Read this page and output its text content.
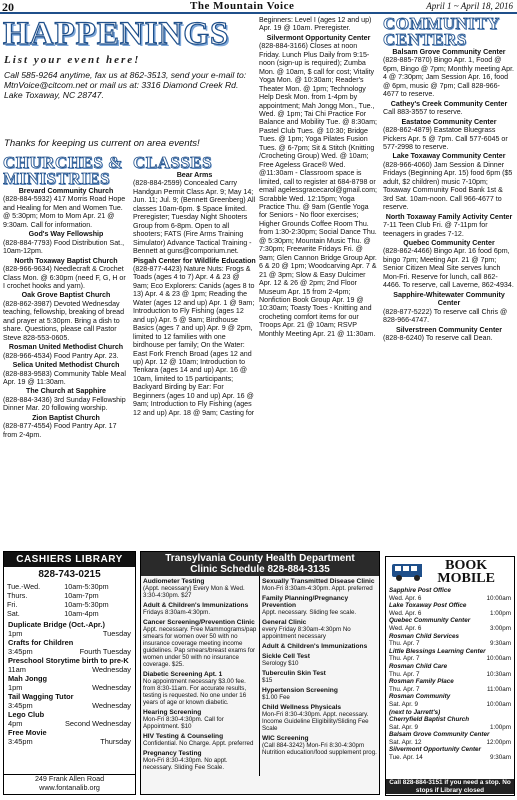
20	The Mountain Voice	April 1 ~ April 18, 2016
HAPPENINGS
List your event here!
Call 585-9264 anytime, fax us at 862-3513, send your e-mail to: MtnVoice@citcom.net or mail us at: 3316 Diamond Creek Rd. Lake Toxaway, NC 28747.
Thanks for keeping us current on area events!
CHURCHES & MINISTRIES

Brevard Community Church
(828-884-5932) 417 Morris Road Hope and Healing for Men and Women Tue. @ 5:30pm; Mom to Mom Apr. 21 @ 9:30am. Call for information.

God's Way Fellowship
(828-884-7793) Food Distribution Sat., 10am-12pm.

North Toxaway Baptist Church
(828-966-9634) Needlecraft & Crochet Class Mon. @ 6:30pm (need F, G, H or I crochet hooks and yarn).

Oak Grove Baptist Church
(828-862-3987) Devoted Wednesday teaching, fellowship, breaking of bread and prayer at 5:30pm. Bring a dish to share. Questions, please call Pastor Steve 828-553-0605.

Rosman United Methodist Church
(828-966-4534) Food Pantry Apr. 23.

Selica United Methodist Church
(828-883-9583) Community Table Meal Apr. 19 @ 11:30am.

The Church at Sapphire
(828-884-3436) 3rd Sunday Fellowship Dinner Mar. 20 following worship.

Zion Baptist Church
(828-877-4554) Food Pantry Apr. 17 from 2-4pm.

CLASSES

Bear Arms
(828-884-2599) Concealed Carry Handgun Permit Class Apr. 9; May 14; Jun. 11; Jul. 9; (Bennett Greenberg) All classes 10am-6pm. $ Space limited. Preregister; Tuesday Night Shooters Group from 6-8pm. Open to all shooters; FATS (Fire Arms Training Simulator) Advance Tactical Training - Bennett at guns@comporium.net.

Pisgah Center for Wildlife Education
(828-877-4423) Nature Nuts: Frogs & Toads (ages 4 to 7) Apr. 4 & 23 @ 9am; Eco Explorers: Canids (ages 8 to 13) Apr. 4 & 23 @ 1pm; Reading the Water (ages 12 and up) Apr. 1 @ 9am; Introduction to Fly Fishing (ages 12 and up) Apr. 5 @ 9am; Birdhouse Basics (ages 7 and up) Apr. 9 @ 2pm, limited to 12 families with one birdhouse per family; On the Water: East Fork French Broad (ages 12 and up) Apr. 12 @ 10am; Introduction to Tenkara (ages 14 and up) Apr. 16 @ 10am, limited to 15 participants; Backyard Birding by Ear: For Beginners (ages 10 and up) Apr. 16 @ 9am; Introduction to Fly Fishing (ages 12 and up) Apr. 18 @ 9am; Casting for

Beginners: Level I (ages 12 and up) Apr. 19 @ 10am. Preregister.

Silvermont Opportunity Center
(828-884-3166) Closes at noon Friday. Lunch Plus Daily from 9:15-noon (sign-up is required); Zumba Mon. @ 10am, $ call for cost; Vitality Yoga Mon. @ 10:30am; Reader's Theater Mon. @ 1pm; Technology Help Desk Mon. from 1-4pm by appointment; Mah Jongg Mon., Tue., Wed. @ 1pm; Tai Chi Practice For Balance and Mobility Tue. @ 8:30am; Pastel Club Tues. @ 10:30; Bridge Tues. @ 1pm; Yoga Pilates Fusion Tues. @ 6-7pm; Sit & Stitch (Knitting /Crocheting Group) Wed. @ 10am; Free Ageless Grace® Wed. @11:30am - Classroom space is limited, call to register at 684-8798 or email agelessgracecarol@gmail.com; Scrabble Wed. 12:15pm; Yoga Practice Thu. @ 9am (Gentle Yoga for Seniors - No floor exercises; Higher Grounds Coffee Room Thu. from 1:30-2:30pm; Social Dance Thu. @ 5:30pm; Mountain Music Thu. @ 7:30pm; Freewrite Fridays Fri. @ 9am; Glen Cannon Bridge Group Apr. 6 & 20 @ 1pm; Woodcarving Apr. 7 & 21 @ 3pm; Slow & Easy Dulcimer Apr. 12 & 26 @ 2pm; 2nd Floor Museum Apr. 15 from 2-4pm; Nonfiction Book Group Apr. 19 @ 10:30am; Toasty Toes - Knitting and crocheting comfort items for our Troops Apr. 21 @ 10am; RSVP Monthly Meeting Apr. 21 @ 11:30am.

COMMUNITY CENTERS

Balsam Grove Community Center
(828-885-7870) Bingo Apr. 1, Food @ 6pm, Bingo @ 7pm; Monthly meeting Apr. 4 @ 7:30pm; Jam Session Apr. 16, food @ 6pm, music @ 7pm; Call 828-966-4677 to reserve.

Cathey's Creek Community Center
Call 883-3557 to reserve.

Eastatoe Community Center
(828-862-4879) Eastatoe Bluegrass Pickers Apr. 5 @ 7pm. Call 577-6045 or 577-2998 to reserve.

Lake Toxaway Community Center
(828-966-4060) Jam Session & Dinner Fridays (Beginning Apr. 15) food 6pm ($5 adult, $2 children) music 7-10pm; Toxaway Community Food Bank 1st & 3rd Sat. 10am-noon. Call 966-4677 to reserve.

North Toxaway Family Activity Center
7-11 Teen Club Fri. @ 7-11pm for teenagers in grades 7-12.

Quebec Community Center
(828-862-4466) Bingo Apr. 16 food 6pm, bingo 7pm; Meeting Apr. 21 @ 7pm; Senior Citizen Meal Site serves lunch Mon-Fri. Reserve for lunch, call 862-4466. To reserve, call Laverne, 862-4934.

Sapphire-Whitewater Community Center
(828-877-5222) To reserve call Chris @ 828-966-4747.

Silverstreen Community Center
(828-8-6240) To reserve call Dean.

CASHIERS LIBRARY
828-743-0215
Tue.-Wed.	10am-5:30pm
Thurs.	10am-7pm
Fri.	10am-5:30pm
Sat.	10am-4pm
Duplicate Bridge (Oct.-Apr.)
1pm	Tuesday
Crafts for Children
3:45pm	Fourth Tuesday
Preschool Storytime birth to pre-K
11am	Wednesday
Mah Jongg
1pm	Wednesday
Tail Wagging Tutor
3:45pm	Wednesday
Lego Club
4pm	Second Wednesday
Free Movie
3:45pm	Thursday
249 Frank Allen Road
www.fontanalib.org
Transylvania County Health Department
Clinic Schedule 828-884-3135
Audiometer Testing
(Appt. necessary) Every Mon & Wed. 3:30-4:30pm. $27
Adult & Children's Immunizations
Fridays 8:30am-4:30pm.
Cancer Screening/Prevention Clinic
Appt. necessary. Free Mammograms/pap smears for women over 50 with no insurance coverage meeting income guidelines. Pap smears/breast exams for women under 50 with no insurance coverage. $25.
Diabetic Screening Apt. 1
No appointment necessary $3.00 fee. from 8:30-11am. For accurate results, testing is requested. No one under 16 years of age or known diabetic.
Hearing Screening
Mon-Fri 8:30-4:30pm. Call for Appointment. $10
HIV Testing & Counseling
Confidential. No Charge. Appt. preferred
Pregnancy Testing
Mon-Fri 8:30-4:30pm. No appt. necessary. Sliding Fee Scale.
Sexually Transmitted Disease Clinic
Mon-Fri 8:30am-4:30pm. Appt. preferred
Family Planning/Pregnancy Prevention
Appt. necessary. Sliding fee scale.
General Clinic
every Friday 8:30am-4:30pm No appointment necessary
Adult & Children's Immunizations
Sickle Cell Test
Serology $10
Tuberculin Skin Test
$15
Hypertension Screening
$1.00 Fee
Child Wellness Physicals
Mon-Fri 8:30-4:30pm. Appt. necessary. Income Guideline Eligibility/Sliding Fee Scale
WIC Screening
(Call 884-3242) Mon-Fri 8:30-4:30pm Nutrition education/food supplement prog.
BOOK MOBILE
Sapphire Post Office
Wed. Apr. 6	10:00am
Lake Toxaway Post Office
Wed. Apr. 6	1:00pm
Quebec Community Center
Wed. Apr. 6	3:00pm
Rosman Child Services
Thu. Apr. 7	9:30am
Little Blessings Learning Center
Thu. Apr. 7	10:00am
Rosman Child Care
Thu. Apr. 7	10:30am
Rosman Family Place
Thu. Apr. 7	11:00am
Rosman Community
Sat. Apr. 9	10:00am
(next to Jarrett's)
Cherryfield Baptist Church
Sat. Apr. 9	1:00pm
Balsam Grove Community Center
Sat. Apr. 12	12:00pm
Silvermont Opportunity Center
Tue. Apr. 14	9:30am
Call 828-884-3151 if you need a stop. No stops if Library closed
